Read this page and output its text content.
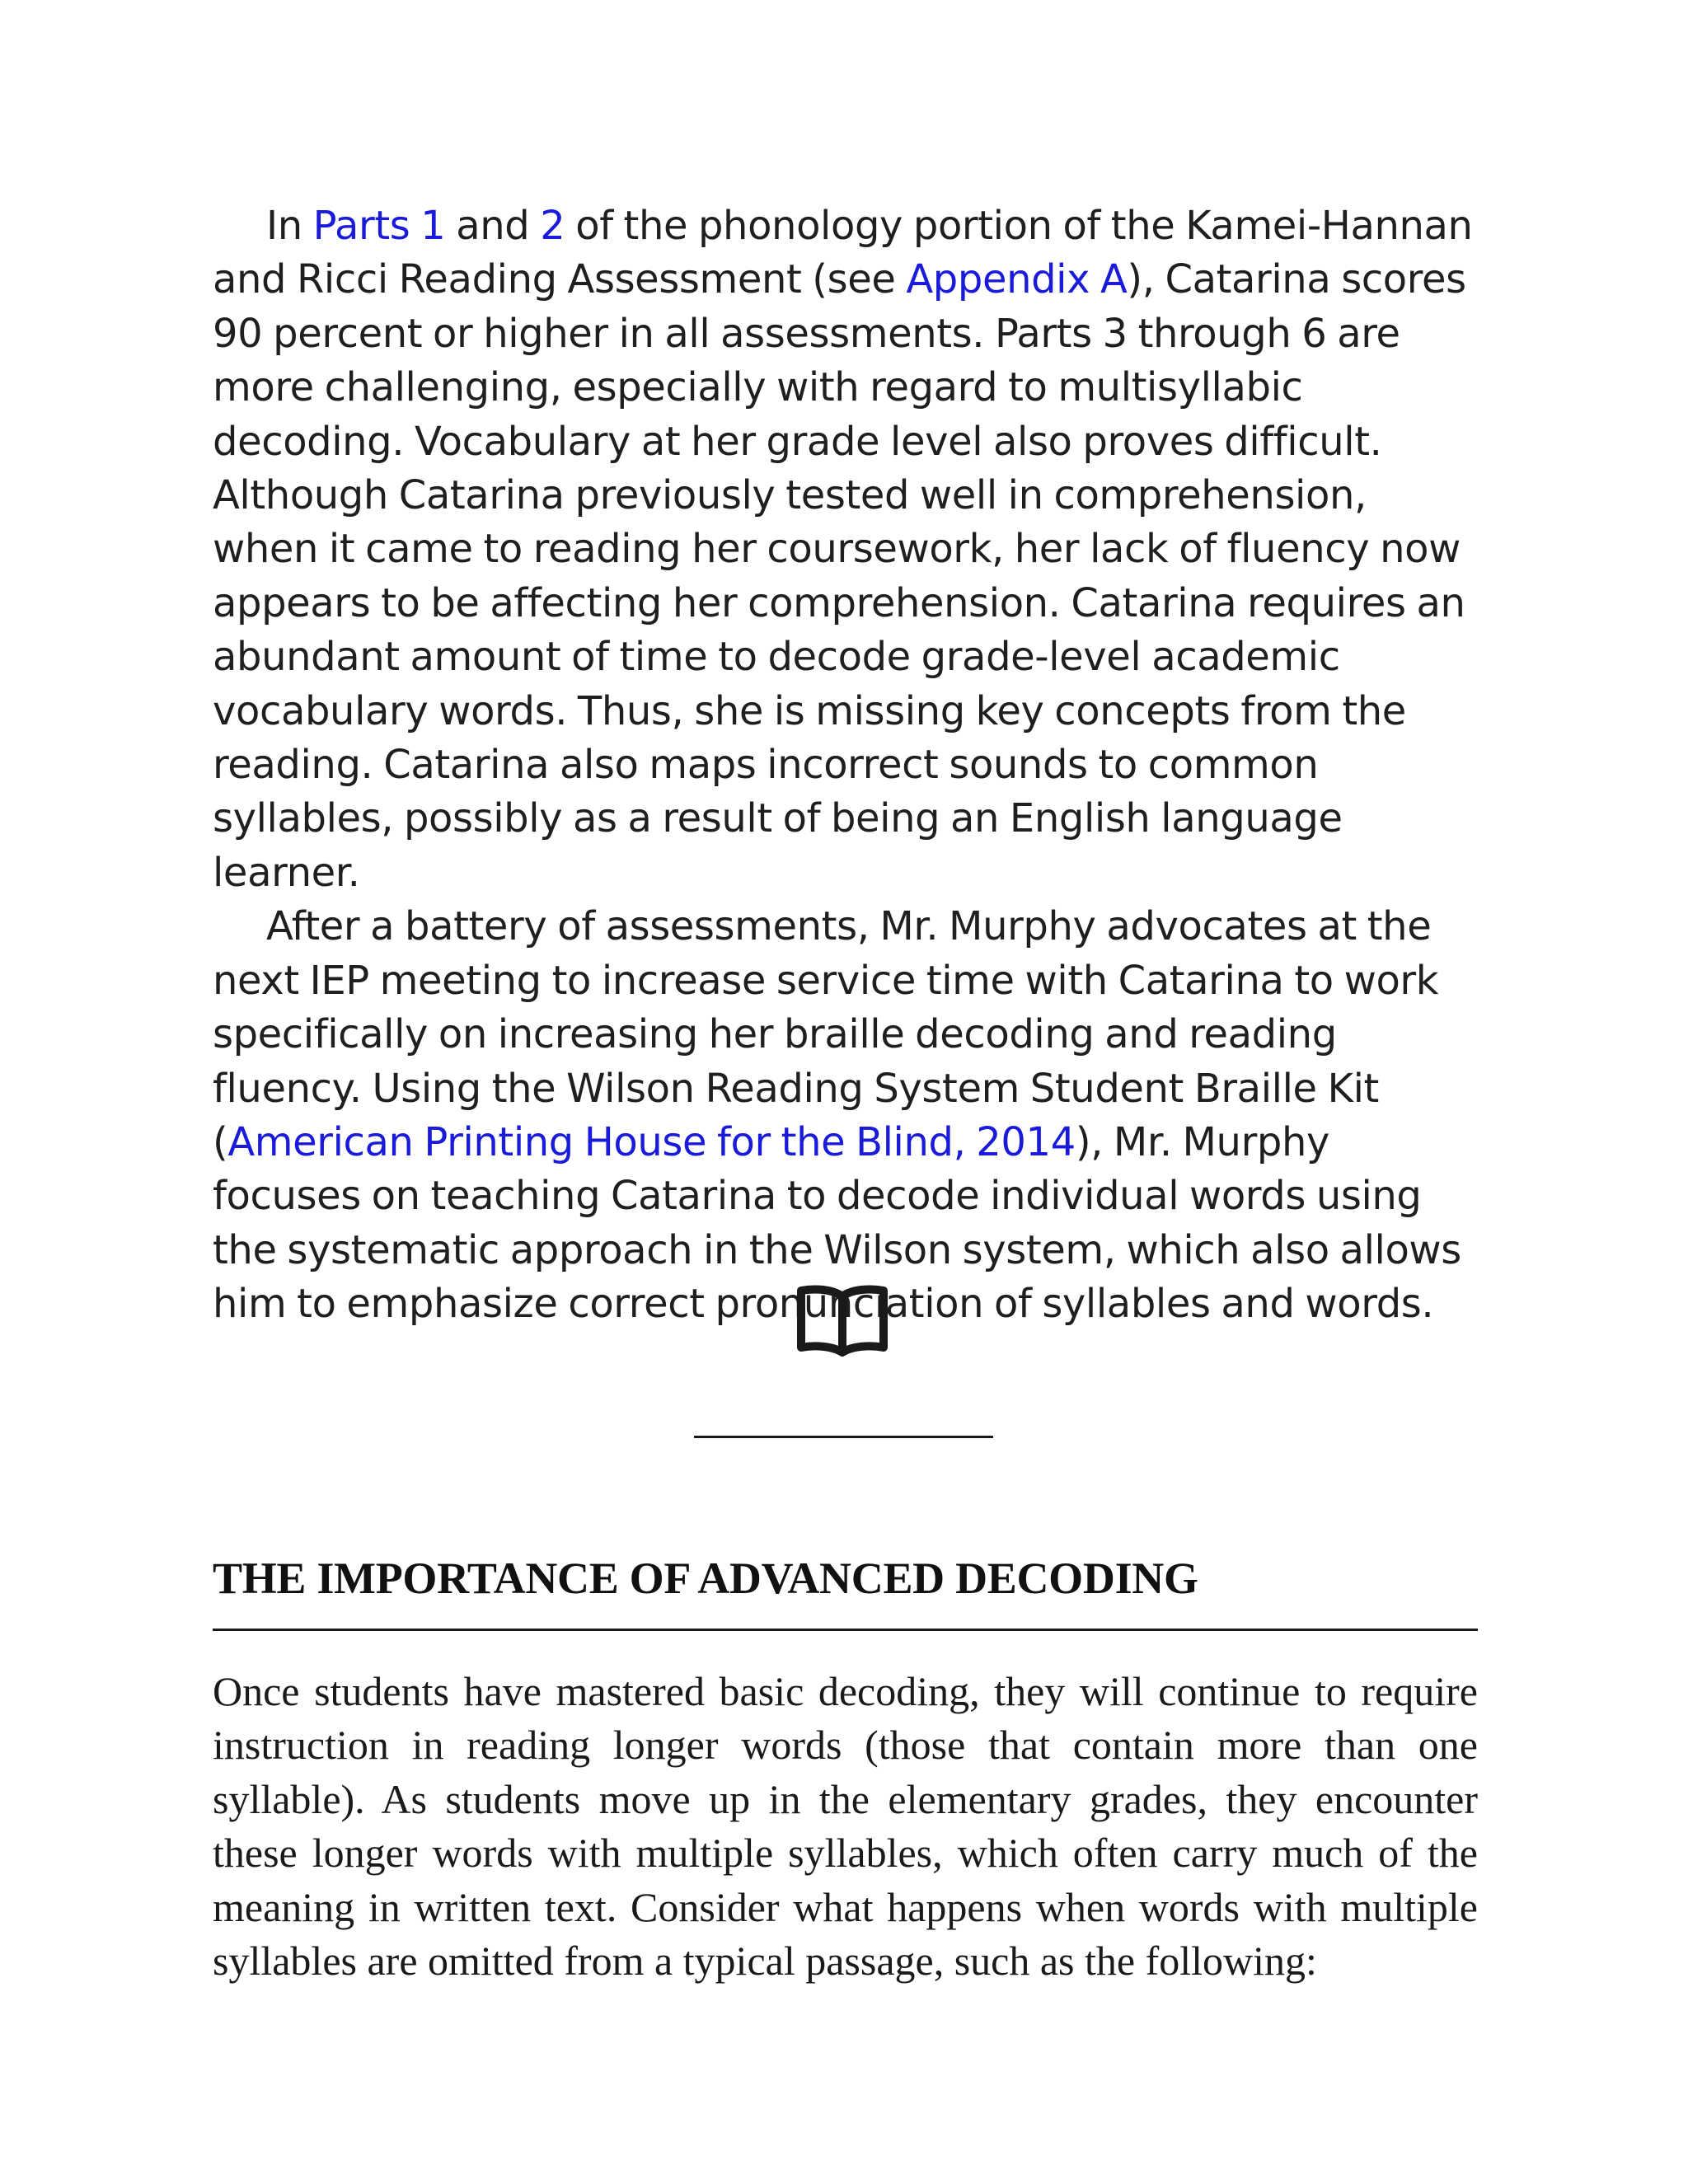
In Parts 1 and 2 of the phonology portion of the Kamei-Hannan and Ricci Reading Assessment (see Appendix A), Catarina scores 90 percent or higher in all assessments. Parts 3 through 6 are more challenging, especially with regard to multisyllabic decoding. Vocabulary at her grade level also proves difficult. Although Catarina previously tested well in comprehension, when it came to reading her coursework, her lack of fluency now appears to be affecting her comprehension. Catarina requires an abundant amount of time to decode grade-level academic vocabulary words. Thus, she is missing key concepts from the reading. Catarina also maps incorrect sounds to common syllables, possibly as a result of being an English language learner.

After a battery of assessments, Mr. Murphy advocates at the next IEP meeting to increase service time with Catarina to work specifically on increasing her braille decoding and reading fluency. Using the Wilson Reading System Student Braille Kit (American Printing House for the Blind, 2014), Mr. Murphy focuses on teaching Catarina to decode individual words using the systematic approach in the Wilson system, which also allows him to emphasize correct pronunciation of syllables and words.

THE IMPORTANCE OF ADVANCED DECODING

Once students have mastered basic decoding, they will continue to require instruction in reading longer words (those that contain more than one syllable). As students move up in the elementary grades, they encounter these longer words with multiple syllables, which often carry much of the meaning in written text. Consider what happens when words with multiple syllables are omitted from a typical passage, such as the following:
